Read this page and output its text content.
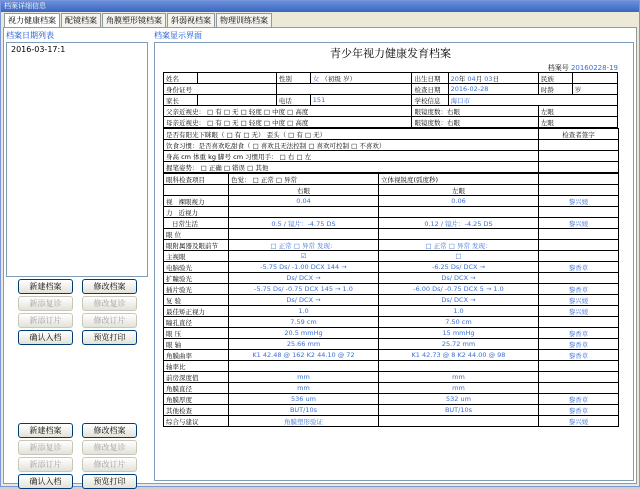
档案详细信息
视力健康档案	配镜档案	角膜塑形镜档案	斜弱视档案	物理训练档案
档案日期列表
2016-03-17:1
新建档案	修改档案
新添复诊	修改复诊
新添订片	修改订片
确认入档	预览打印
新建档案	修改档案
新添复诊	修改复诊
新添订片	修改订片
确认入档	预览打印
档案显示界面
青少年视力健康发育档案
档案号 20160228-19
姓名		性别	女 （初级 岁）	出生日期	20年 04月 03日	民族	
身份证号				检查日期	2016-02-28	时龄	岁
家长		电话	151	学校信息	海口市		
父亲近视史： □ 有 □ 无 □ 轻度 □ 中度 □ 高度				眼镜度数：右眼		左眼	
母亲近视史： □ 有 □ 无 □ 轻度 □ 中度 □ 高度				眼镜度数：右眼		左眼	
是否有阳光下眯眼（ □ 有 □ 无） 歪头（ □ 有 □ 无）	检查者签字
饮食习惯：是否喜欢吃甜食（ □ 喜欢且无法控制 □ 喜欢可控制 □ 不喜欢）	
身高 cm 体重 kg 脚号 cm 习惯用手： □ 右 □ 左	
握笔姿势： □ 正确 □ 错误 □ 其他	
眼科检查项目	色觉： □ 正常 □ 异常	立体视锐度(弧度秒)	
	右眼	左眼	
视 裸眼视力	0.04	0.06	黎兴媛
力 近视力			
日常生活	0.5 / 镜片：-4.75 DS	0.12 / 镜片：-4.25 DS	黎兴媛
眼 位			
眼附属器及眼前节	□ 正常 □ 异常 发现：	□ 正常 □ 异常 发现：	
主视眼	☑	□	
电脑验光	-5.75 Ds/ -1.00 DCX 144 →	-6.25 Ds/ DCX →	黎香草
扩瞳验光	Ds/ DCX →	Ds/ DCX →	
插片验光	-5.75 Ds/ -0.75 DCX 145 → 1.0	-6.00 Ds/ -0.75 DCX 5 → 1.0	黎香草
复 验	Ds/ DCX →	Ds/ DCX →	黎兴媛
最佳矫正视力	1.0	1.0	黎兴媛
瞳孔直径	7.59 cm	7.50 cm	
眼 压	20.5 mmHg	15 mmHg	黎香草
眼 轴	25.66 mm	25.72 mm	黎香草
角膜曲率	K1 42.48 @ 162 K2 44.10 @ 72	K1 42.73 @ 8 K2 44.00 @ 98	黎香草
轴率比			
前房深度值	mm	mm	
角膜直径	mm	mm	
角膜厚度	536 um	532 um	黎香草
其他检查	BUT/10s	BUT/10s	黎香草
综合与建议	角膜塑形验证		黎兴媛
